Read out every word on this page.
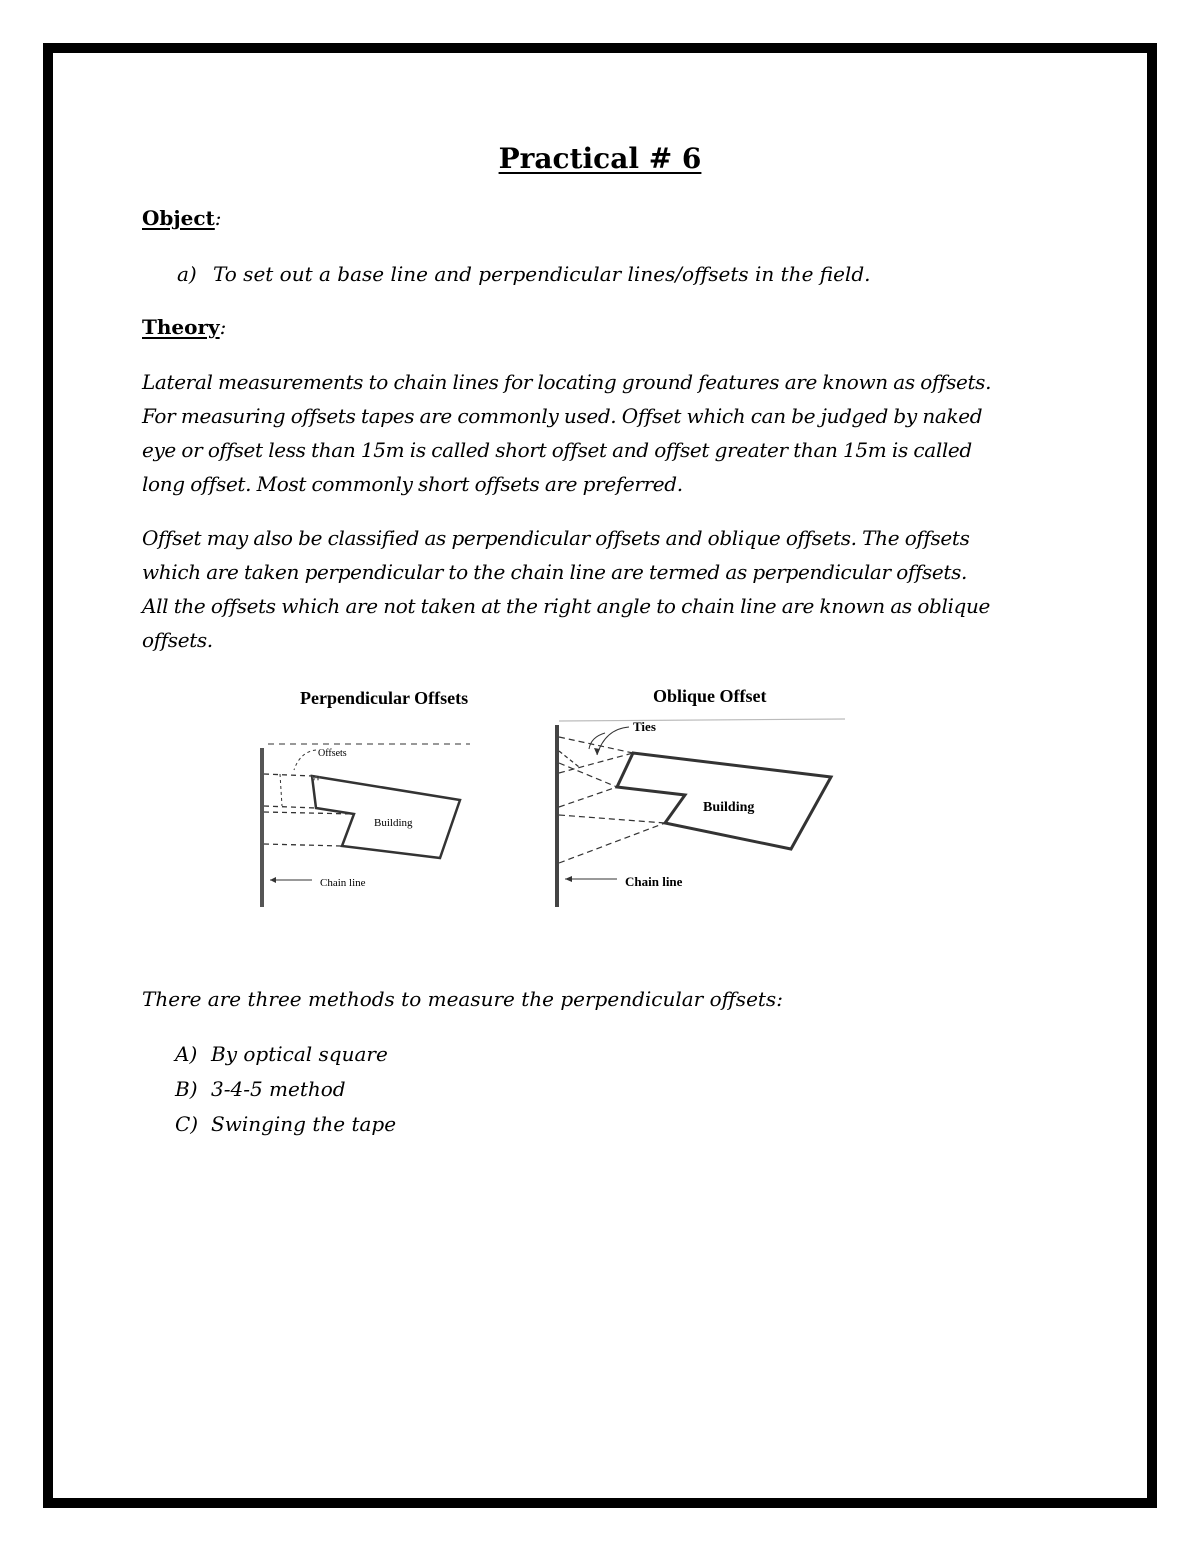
Practical # 6
Object:
a) To set out a base line and perpendicular lines/offsets in the field.
Theory:
Lateral measurements to chain lines for locating ground features are known as offsets.
For measuring offsets tapes are commonly used. Offset which can be judged by naked
eye or offset less than 15m is called short offset and offset greater than 15m is called
long offset. Most commonly short offsets are preferred.
Offset may also be classified as perpendicular offsets and oblique offsets. The offsets
which are taken perpendicular to the chain line are termed as perpendicular offsets.
All the offsets which are not taken at the right angle to chain line are known as oblique
offsets.
Perpendicular Offsets
Offsets
Building
Chain line
Oblique Offset
Ties
Building
Chain line
There are three methods to measure the perpendicular offsets:
A) By optical square
B) 3-4-5 method
C) Swinging the tape
